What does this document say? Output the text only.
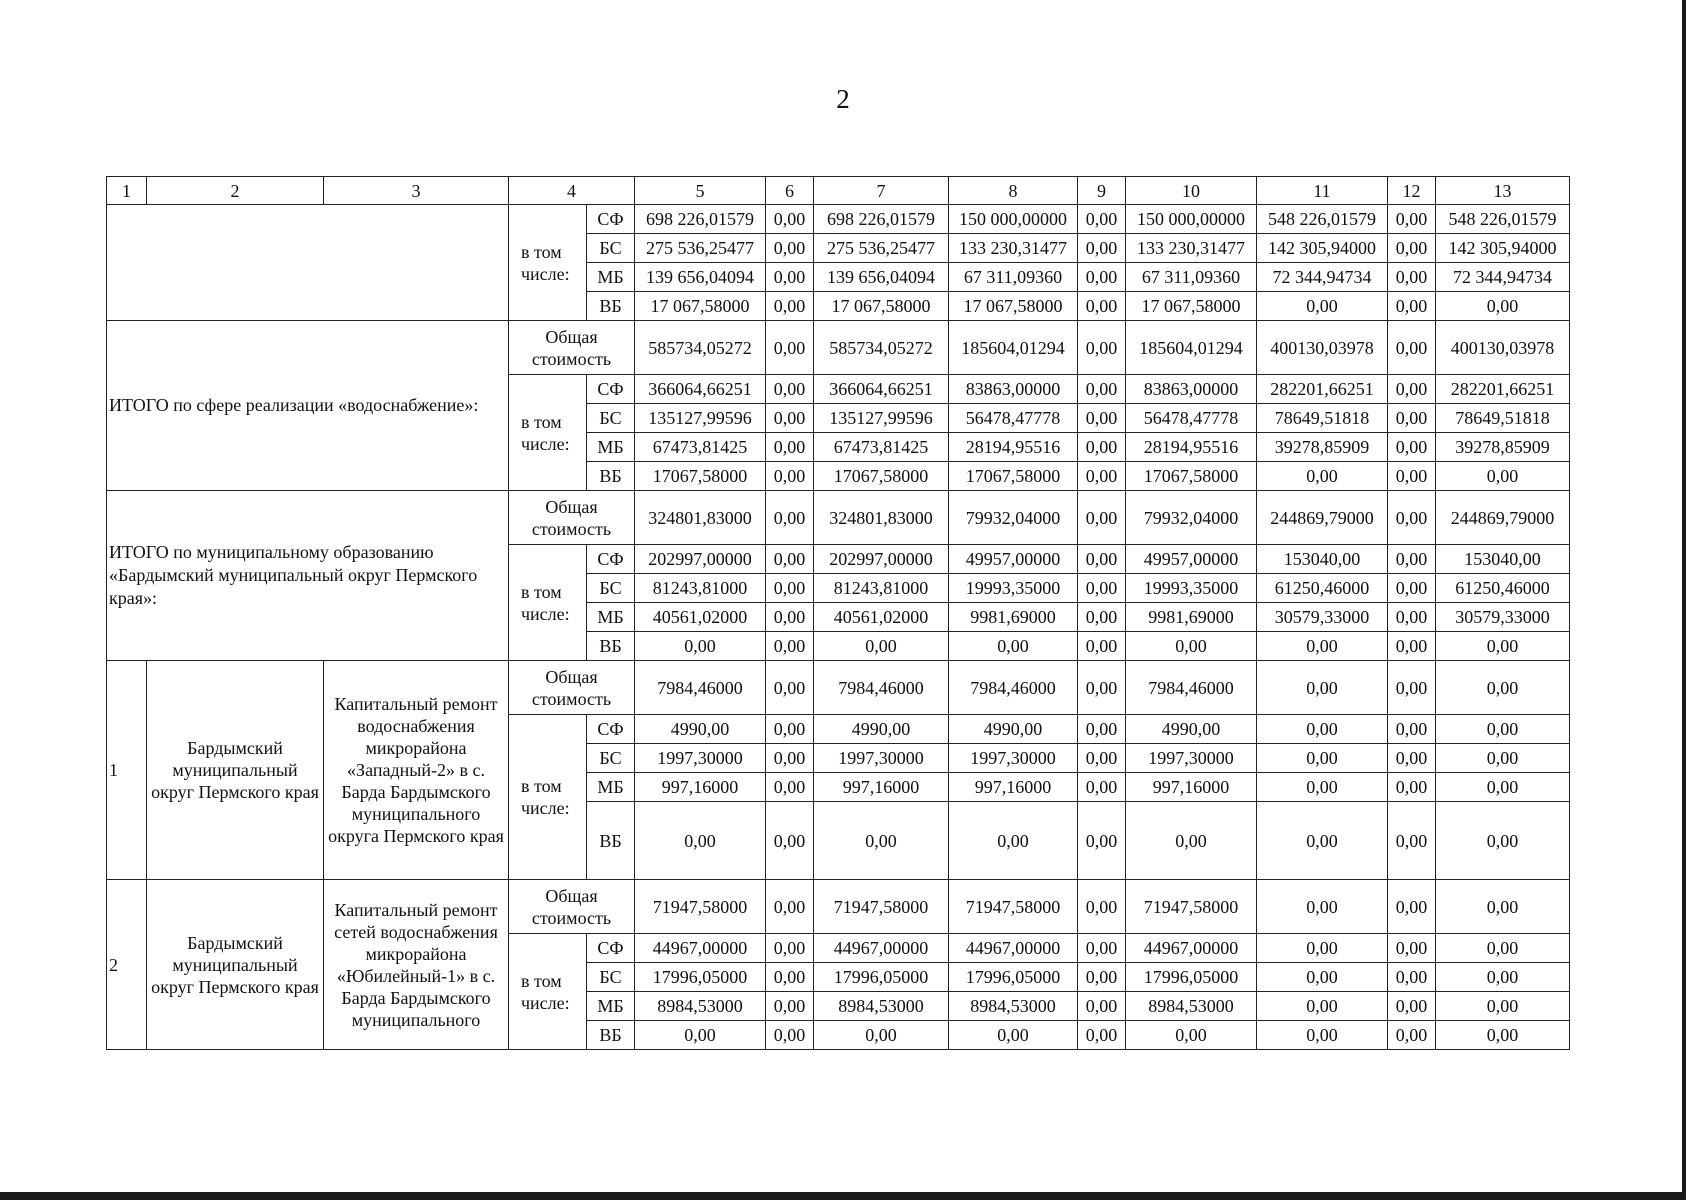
2
1	2	3	4		5	6	7	8	9	10	11	12	13
			в том числе:	СФ	698 226,01579	0,00	698 226,01579	150 000,00000	0,00	150 000,00000	548 226,01579	0,00	548 226,01579
				БС	275 536,25477	0,00	275 536,25477	133 230,31477	0,00	133 230,31477	142 305,94000	0,00	142 305,94000
				МБ	139 656,04094	0,00	139 656,04094	67 311,09360	0,00	67 311,09360	72 344,94734	0,00	72 344,94734
				ВБ	17 067,58000	0,00	17 067,58000	17 067,58000	0,00	17 067,58000	0,00	0,00	0,00
ИТОГО по сфере реализации «водоснабжение»:			Общая стоимость		585734,05272	0,00	585734,05272	185604,01294	0,00	185604,01294	400130,03978	0,00	400130,03978
			в том числе:	СФ	366064,66251	0,00	366064,66251	83863,00000	0,00	83863,00000	282201,66251	0,00	282201,66251
				БС	135127,99596	0,00	135127,99596	56478,47778	0,00	56478,47778	78649,51818	0,00	78649,51818
				МБ	67473,81425	0,00	67473,81425	28194,95516	0,00	28194,95516	39278,85909	0,00	39278,85909
				ВБ	17067,58000	0,00	17067,58000	17067,58000	0,00	17067,58000	0,00	0,00	0,00
ИТОГО по муниципальному образованию «Бардымский муниципальный округ Пермского края»:			Общая стоимость		324801,83000	0,00	324801,83000	79932,04000	0,00	79932,04000	244869,79000	0,00	244869,79000
			в том числе:	СФ	202997,00000	0,00	202997,00000	49957,00000	0,00	49957,00000	153040,00	0,00	153040,00
				БС	81243,81000	0,00	81243,81000	19993,35000	0,00	19993,35000	61250,46000	0,00	61250,46000
				МБ	40561,02000	0,00	40561,02000	9981,69000	0,00	9981,69000	30579,33000	0,00	30579,33000
				ВБ	0,00	0,00	0,00	0,00	0,00	0,00	0,00	0,00	0,00
1	Бардымский муниципальный округ Пермского края	Капитальный ремонт водоснабжения микрорайона «Западный-2» в с. Барда Бардымского муниципального округа Пермского края	Общая стоимость		7984,46000	0,00	7984,46000	7984,46000	0,00	7984,46000	0,00	0,00	0,00
			в том числе:	СФ	4990,00	0,00	4990,00	4990,00	0,00	4990,00	0,00	0,00	0,00
				БС	1997,30000	0,00	1997,30000	1997,30000	0,00	1997,30000	0,00	0,00	0,00
				МБ	997,16000	0,00	997,16000	997,16000	0,00	997,16000	0,00	0,00	0,00
				ВБ	0,00	0,00	0,00	0,00	0,00	0,00	0,00	0,00	0,00
2	Бардымский муниципальный округ Пермского края	Капитальный ремонт сетей водоснабжения микрорайона «Юбилейный-1» в с. Барда Бардымского муниципального	Общая стоимость		71947,58000	0,00	71947,58000	71947,58000	0,00	71947,58000	0,00	0,00	0,00
			в том числе:	СФ	44967,00000	0,00	44967,00000	44967,00000	0,00	44967,00000	0,00	0,00	0,00
				БС	17996,05000	0,00	17996,05000	17996,05000	0,00	17996,05000	0,00	0,00	0,00
				МБ	8984,53000	0,00	8984,53000	8984,53000	0,00	8984,53000	0,00	0,00	0,00
				ВБ	0,00	0,00	0,00	0,00	0,00	0,00	0,00	0,00	0,00
